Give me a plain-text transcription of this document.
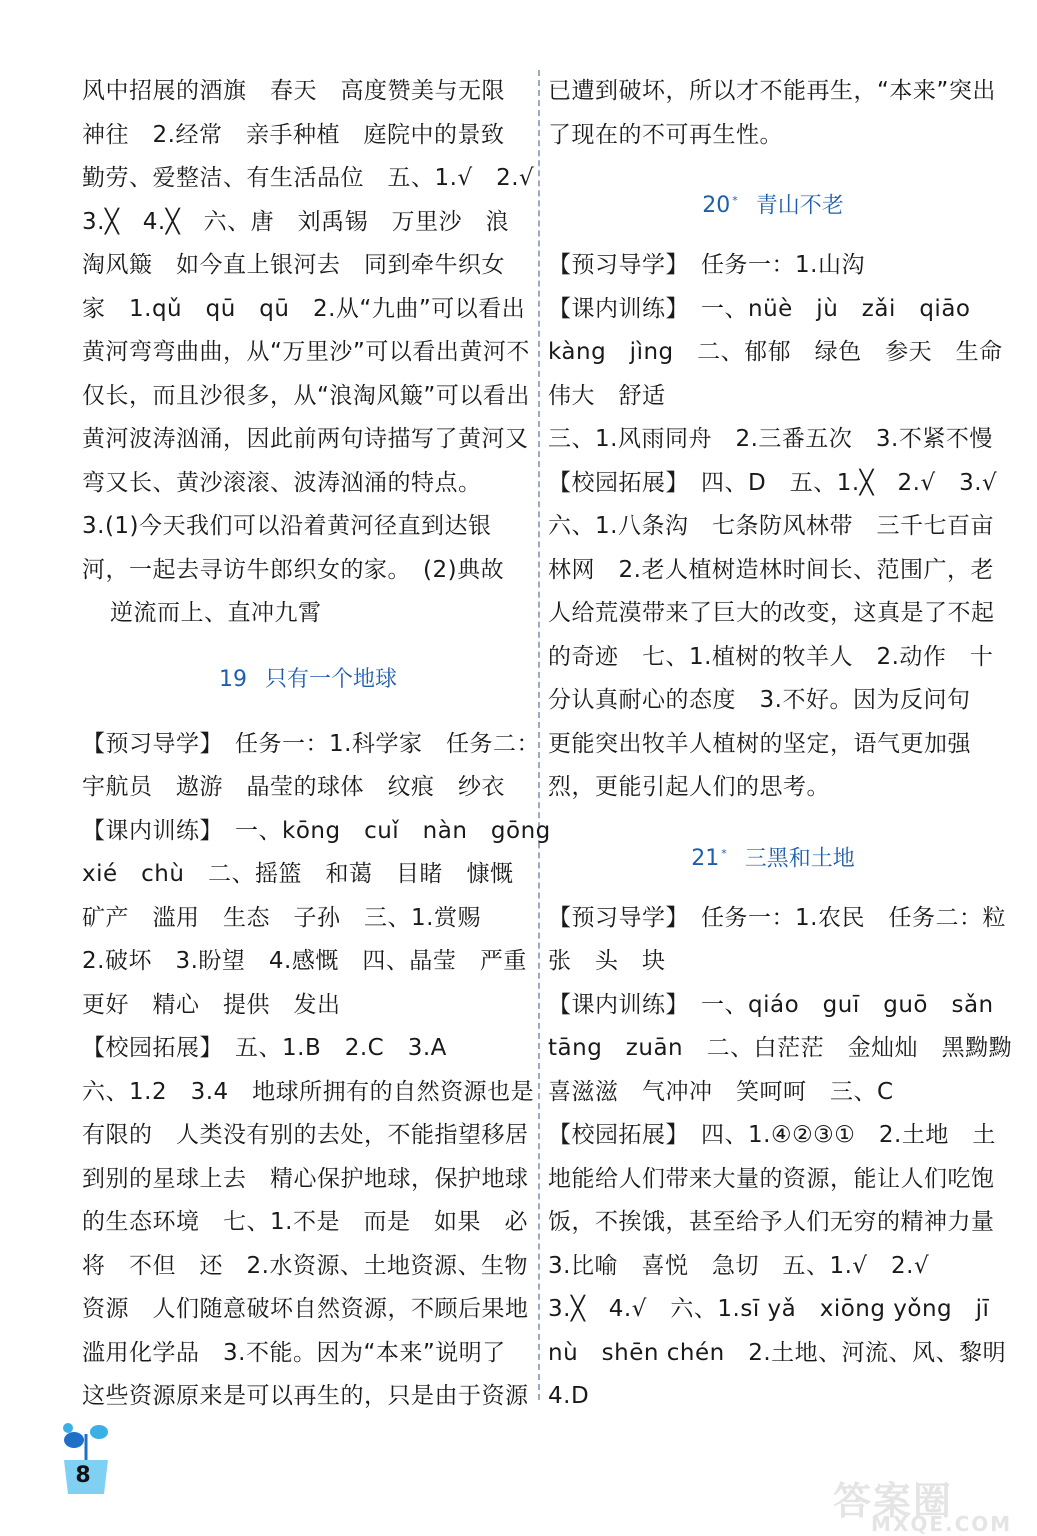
风中招展的酒旗　春天　高度赞美与无限
神往　2.经常　亲手种植　庭院中的景致
勤劳、爱整洁、有生活品位　五、1.√　2.√
3.╳　4.╳　六、唐　刘禹锡　万里沙　浪
淘风簸　如今直上银河去　同到牵牛织女
家　1.qǔ　qū　qū　2.从“九曲”可以看出
黄河弯弯曲曲，从“万里沙”可以看出黄河不
仅长，而且沙很多，从“浪淘风簸”可以看出
黄河波涛汹涌，因此前两句诗描写了黄河又
弯又长、黄沙滚滚、波涛汹涌的特点。
3.(1)今天我们可以沿着黄河径直到达银
河，一起去寻访牛郎织女的家。　(2)典故
逆流而上、直冲九霄
19 只有一个地球
【预习导学】　任务一：1.科学家　任务二：
宇航员　遨游　晶莹的球体　纹痕　纱衣
【课内训练】　一、kōng　cuǐ　nàn　gōng
xié　chù　二、摇篮　和蔼　目睹　慷慨
矿产　滥用　生态　子孙　三、1.赏赐
2.破坏　3.盼望　4.感慨　四、晶莹　严重
更好　精心　提供　发出
【校园拓展】　五、1.B　2.C　3.A
六、1.2　3.4　地球所拥有的自然资源也是
有限的　人类没有别的去处，不能指望移居
到别的星球上去　精心保护地球，保护地球
的生态环境　七、1.不是　而是　如果　必
将　不但　还　2.水资源、土地资源、生物
资源　人们随意破坏自然资源，不顾后果地
滥用化学品　3.不能。因为“本来”说明了
这些资源原来是可以再生的，只是由于资源
已遭到破坏，所以才不能再生，“本来”突出
了现在的不可再生性。
20 * 青山不老
【预习导学】　任务一：1.山沟
【课内训练】　一、nüè　jù　zǎi　qiāo
kàng　jìng　二、郁郁　绿色　参天　生命
伟大　舒适
三、1.风雨同舟　2.三番五次　3.不紧不慢
【校园拓展】　四、D　五、1.╳　2.√　3.√
六、1.八条沟　七条防风林带　三千七百亩
林网　2.老人植树造林时间长、范围广，老
人给荒漠带来了巨大的改变，这真是了不起
的奇迹　七、1.植树的牧羊人　2.动作　十
分认真耐心的态度　3.不好。因为反问句
更能突出牧羊人植树的坚定，语气更加强
烈，更能引起人们的思考。
21 * 三黑和土地
【预习导学】　任务一：1.农民　任务二：粒
张　头　块
【课内训练】　一、qiáo　guī　guō　sǎn
tāng　zuān　二、白茫茫　金灿灿　黑黝黝
喜滋滋　气冲冲　笑呵呵　三、C
【校园拓展】　四、1.④②③①　2.土地　土
地能给人们带来大量的资源，能让人们吃饱
饭，不挨饿，甚至给予人们无穷的精神力量
3.比喻　喜悦　急切　五、1.√　2.√
3.╳　4.√　六、1.sī yǎ　xiōng yǒng　jī
nù　shēn chén　2.土地、河流、风、黎明
4.D
8
答案圈
MXQE.COM
